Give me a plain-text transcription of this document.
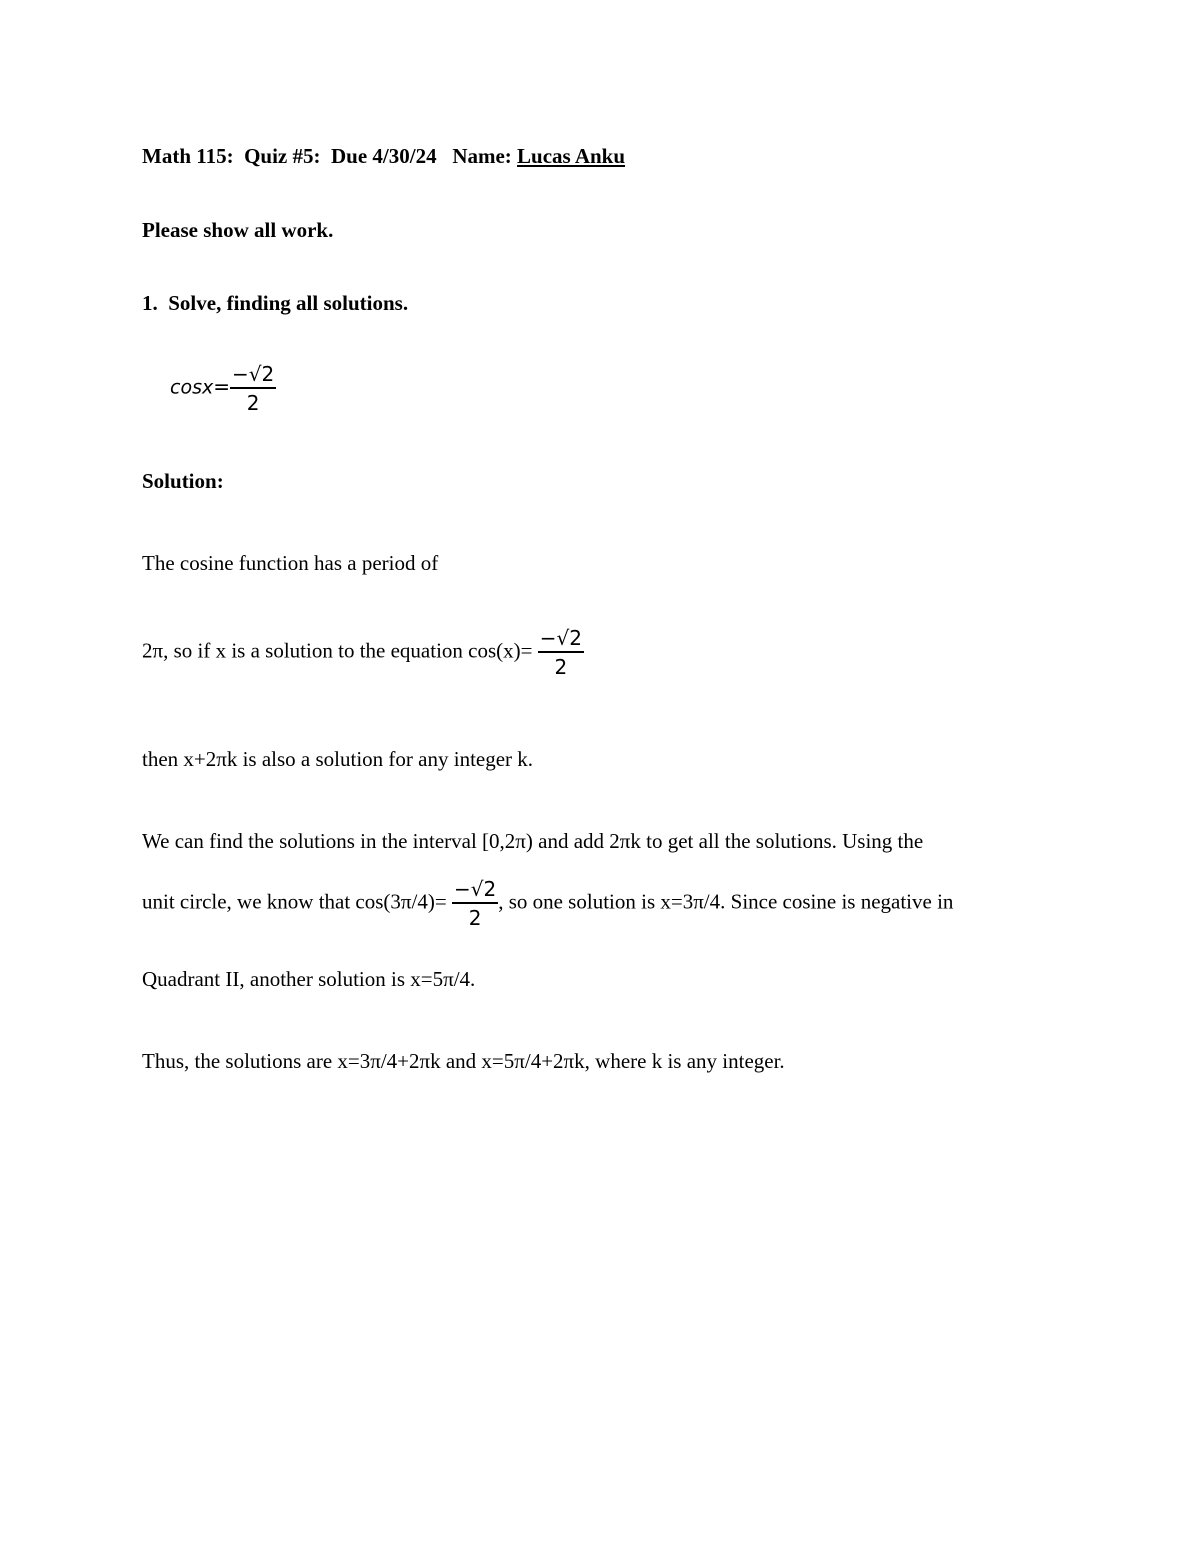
Math 115:  Quiz #5:  Due 4/30/24   Name: Lucas Anku
Please show all work.
1. Solve, finding all solutions.
$\cos x= \frac{-√2}{2}$
Solution:
The cosine function has a period of
2π, so if x is a solution to the equation $\cos(x)= \frac{-√2}{2}$
then x+2πk is also a solution for any integer k.
We can find the solutions in the interval [0,2π) and add 2πk to get all the solutions. Using the
unit circle, we know that $\cos(3\pi/4)= \frac{-√2}{2}$ , so one solution is x=3π/4. Since cosine is negative in
Quadrant II, another solution is x=5π/4.
Thus, the solutions are x=3π/4+2πk and x=5π/4+2πk, where k is any integer.
